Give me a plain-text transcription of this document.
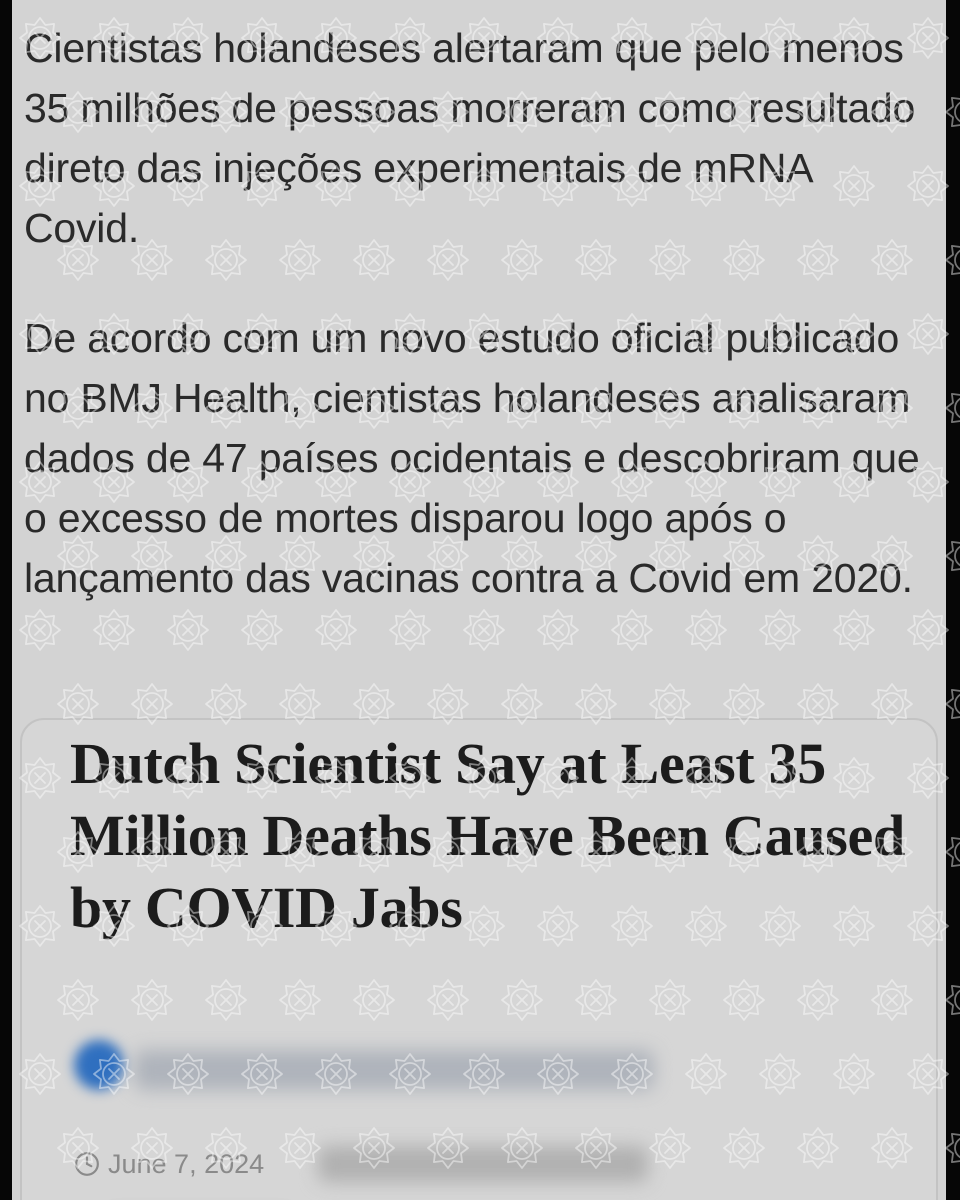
Cientistas holandeses alertaram que pelo menos 35 milhões de pessoas morreram como resultado direto das injeções experimentais de mRNA Covid.

De acordo com um novo estudo oficial publicado no BMJ Health, cientistas holandeses analisaram dados de 47 países ocidentais e descobriram que o excesso de mortes disparou logo após o lançamento das vacinas contra a Covid em 2020.

Dutch Scientist Say at Least 35 Million Deaths Have Been Caused by COVID Jabs
June 7, 2024
